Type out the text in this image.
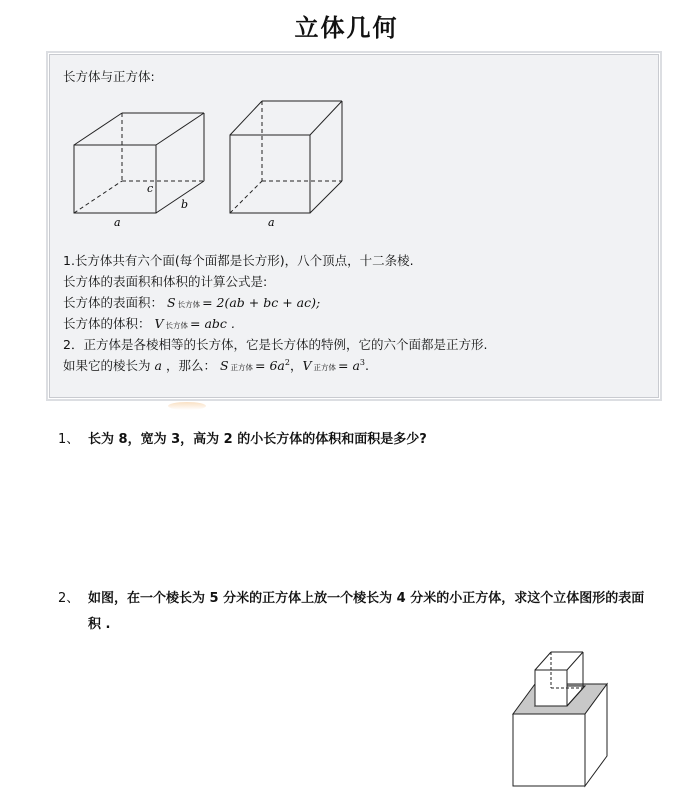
立体几何
长方体与正方体:
c
b
a	a
1.长方体共有六个面(每个面都是长方形)，八个顶点，十二条棱.
长方体的表面积和体积的计算公式是:
长方体的表面积： S 长方体 = 2(ab + bc + ac);
长方体的体积： V 长方体 = abc .
2．正方体是各棱相等的长方体，它是长方体的特例，它的六个面都是正方形.
如果它的棱长为 a ，那么： S 正方体 = $6a^2$，V 正方体 = $a^3$.
1、 长为 8，宽为 3，高为 2 的小长方体的体积和面积是多少?
2、 如图，在一个棱长为 5 分米的正方体上放一个棱长为 4 分米的小正方体，求这个立体图形的表面积 .
